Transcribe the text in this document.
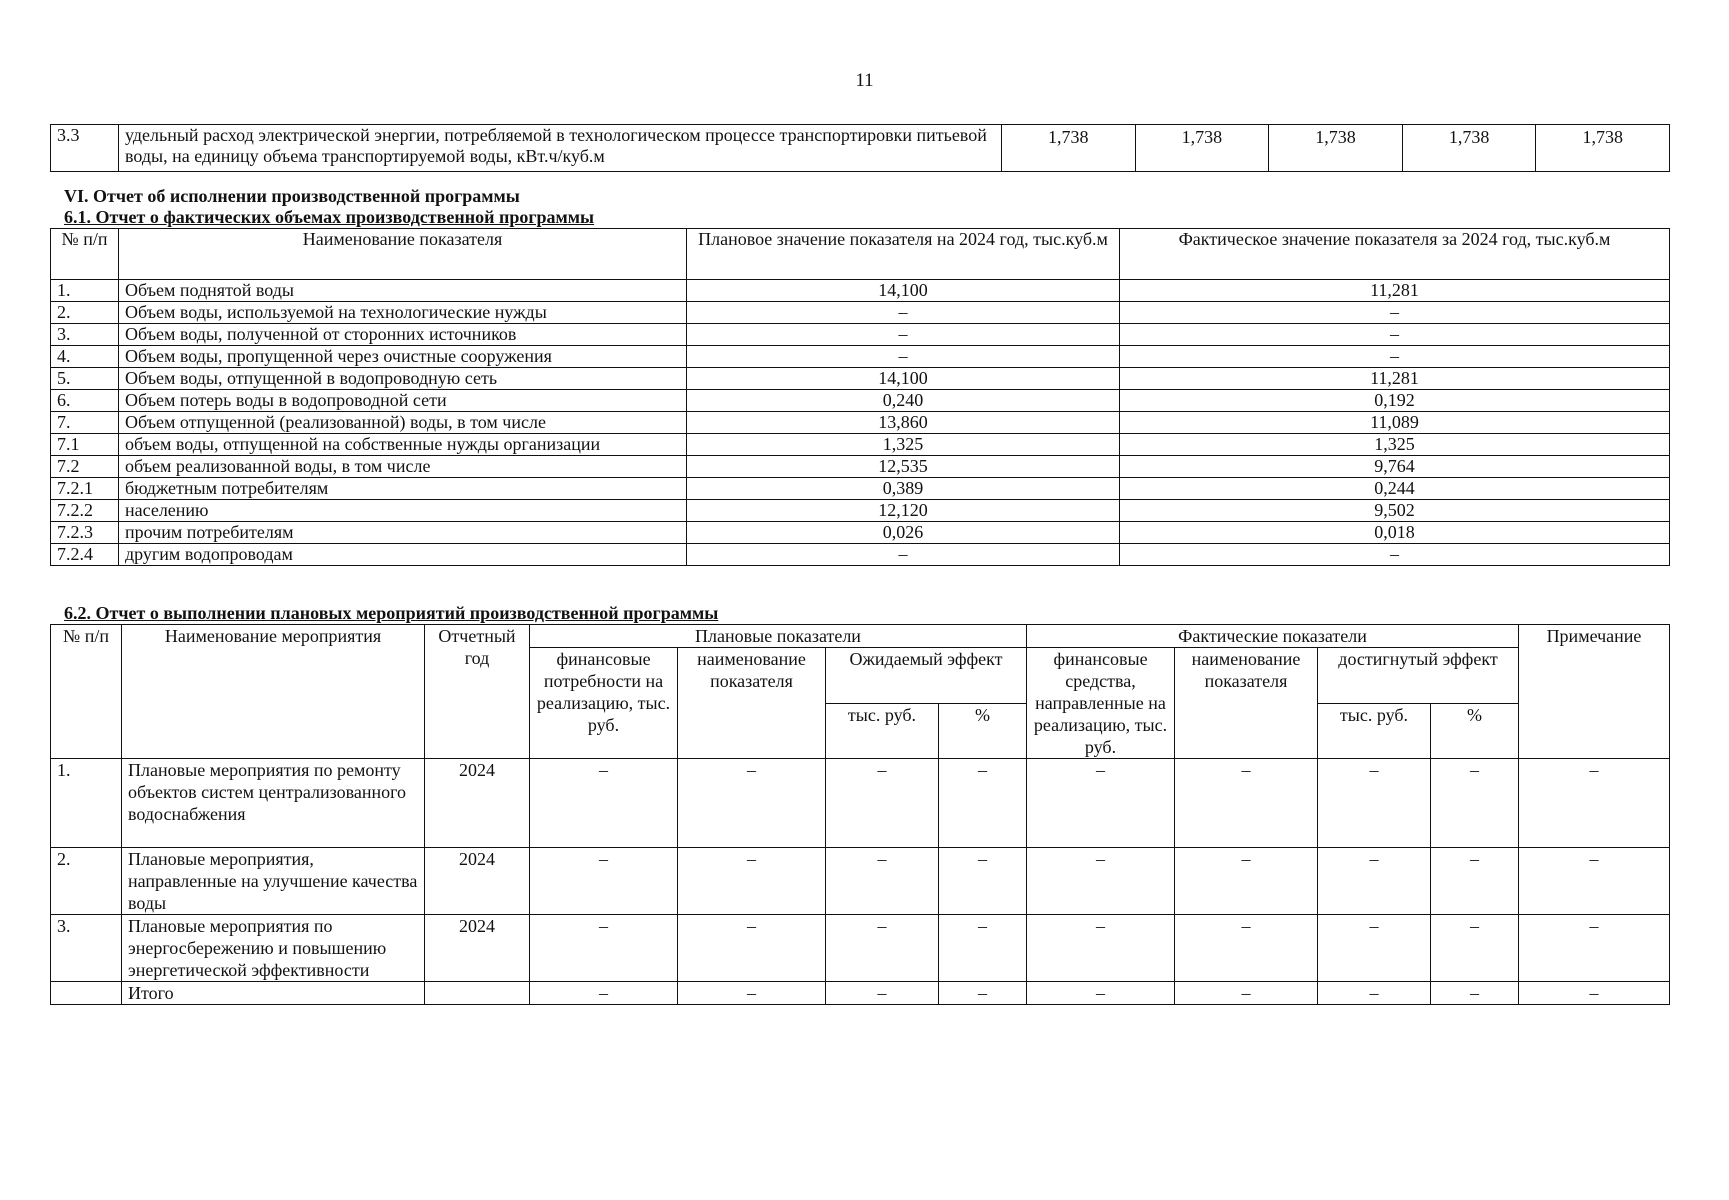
11
3.3	удельный расход электрической энергии, потребляемой в технологическом процессе транспортировки питьевой воды, на единицу объема транспортируемой воды, кВт.ч/куб.м	1,738	1,738	1,738	1,738	1,738
VI. Отчет об исполнении производственной программы
6.1. Отчет о фактических объемах производственной программы
№ п/п	Наименование показателя	Плановое значение показателя на 2024 год, тыс.куб.м	Фактическое значение показателя за 2024 год, тыс.куб.м
1.	Объем поднятой воды	14,100	11,281
2.	Объем воды, используемой на технологические нужды	–	–
3.	Объем воды, полученной от сторонних источников	–	–
4.	Объем воды, пропущенной через очистные сооружения	–	–
5.	Объем воды, отпущенной в водопроводную сеть	14,100	11,281
6.	Объем потерь воды в водопроводной сети	0,240	0,192
7.	Объем отпущенной (реализованной) воды, в том числе	13,860	11,089
7.1	объем воды, отпущенной на собственные нужды организации	1,325	1,325
7.2	объем реализованной воды, в том числе	12,535	9,764
7.2.1	бюджетным потребителям	0,389	0,244
7.2.2	населению	12,120	9,502
7.2.3	прочим потребителям	0,026	0,018
7.2.4	другим водопроводам	–	–
6.2. Отчет о выполнении плановых мероприятий производственной программы
№ п/п	Наименование мероприятия	Отчетный год	Плановые показатели				Фактические показатели				Примечание
			финансовые потребности на реализацию, тыс. руб.	наименование показателя	Ожидаемый эффект		финансовые средства, направленные на реализацию, тыс. руб.	наименование показателя	достигнутый эффект		
					тыс. руб.	%			тыс. руб.	%	
1.	Плановые мероприятия по ремонту объектов систем централизованного водоснабжения	2024	–	–	–	–	–	–	–	–	–
2.	Плановые мероприятия, направленные на улучшение качества воды	2024	–	–	–	–	–	–	–	–	–
3.	Плановые мероприятия по энергосбережению и повышению энергетической эффективности	2024	–	–	–	–	–	–	–	–	–
	Итого		–	–	–	–	–	–	–	–	–
